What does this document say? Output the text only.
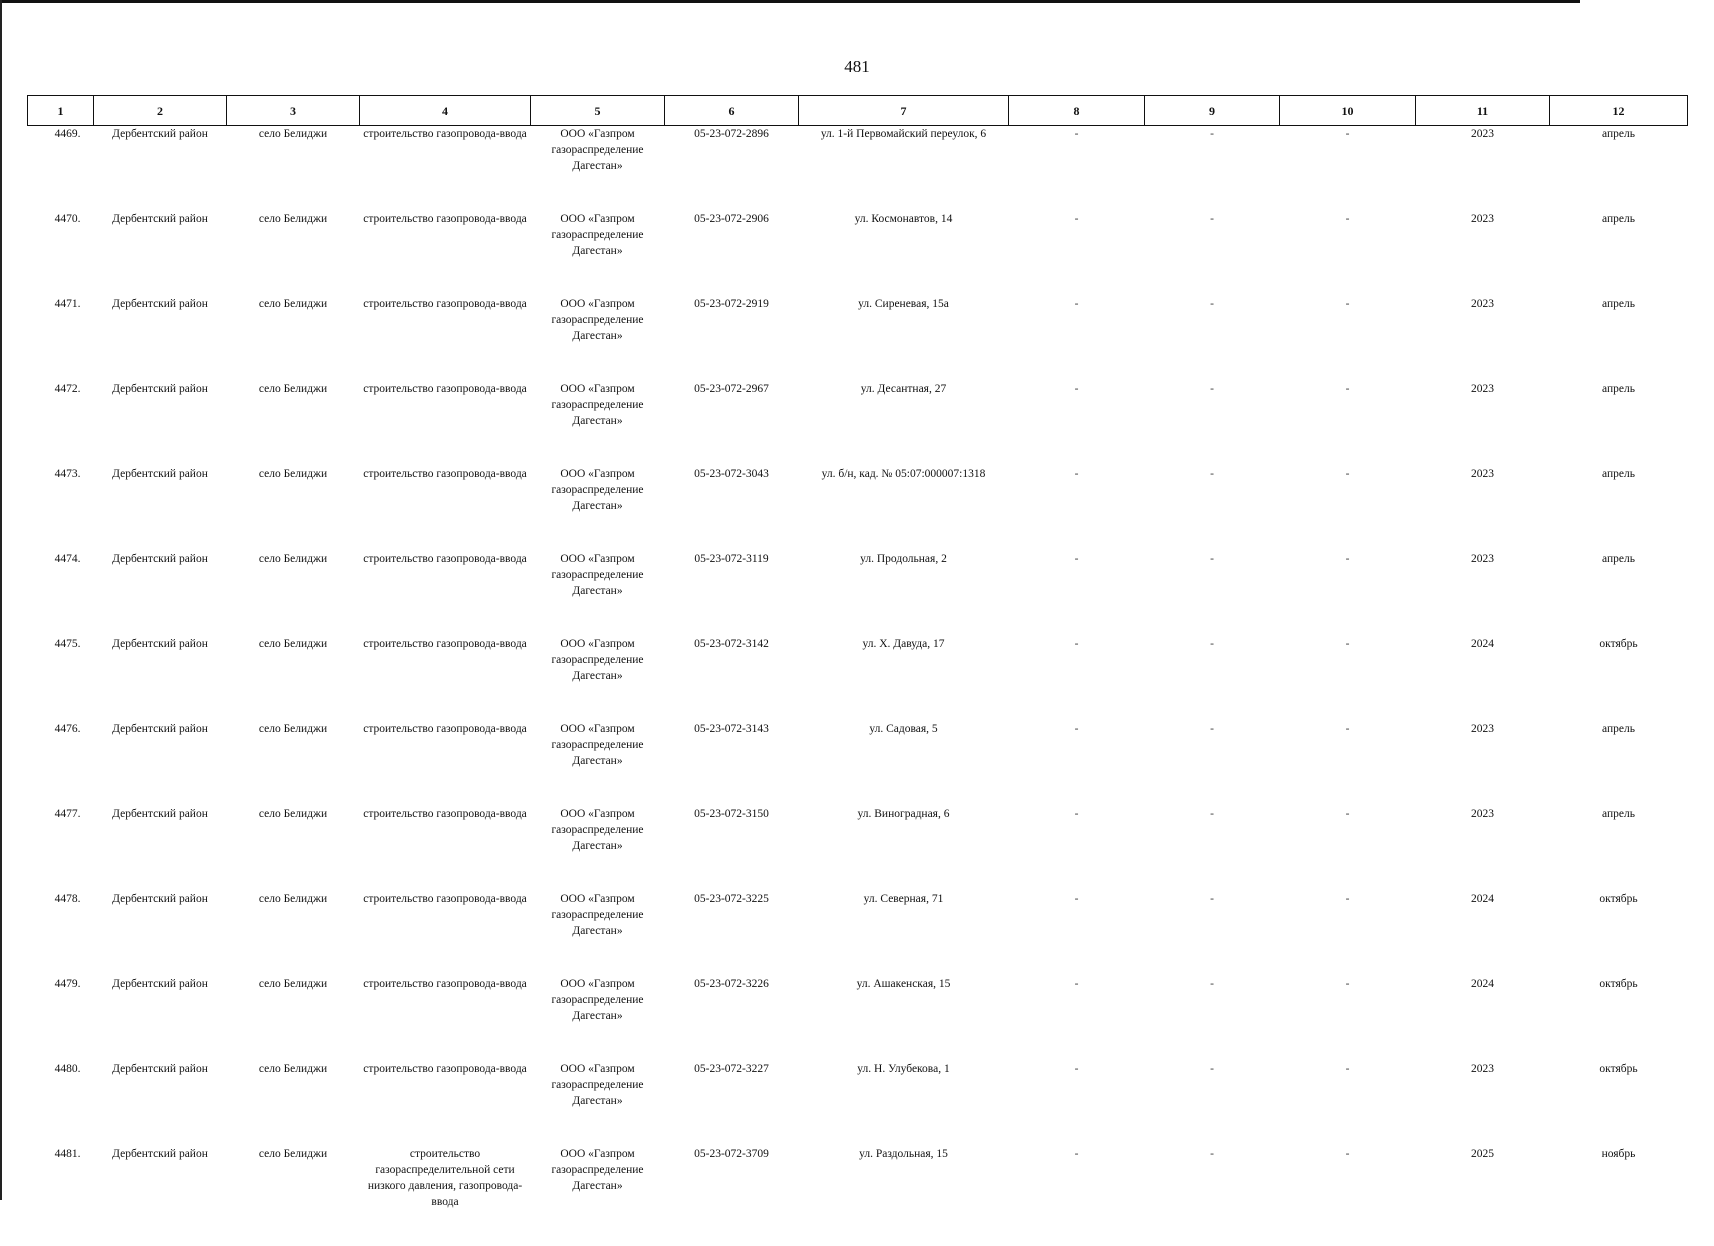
481
1	2	3	4	5	6	7	8	9	10	11	12
4469.	Дербентский район	село Белиджи	строительство газопровода-ввода	ООО «Газпром газораспределение Дагестан»	05-23-072-2896	ул. 1-й Первомайский переулок, 6	-	-	-	2023	апрель
4470.	Дербентский район	село Белиджи	строительство газопровода-ввода	ООО «Газпром газораспределение Дагестан»	05-23-072-2906	ул. Космонавтов, 14	-	-	-	2023	апрель
4471.	Дербентский район	село Белиджи	строительство газопровода-ввода	ООО «Газпром газораспределение Дагестан»	05-23-072-2919	ул. Сиреневая, 15а	-	-	-	2023	апрель
4472.	Дербентский район	село Белиджи	строительство газопровода-ввода	ООО «Газпром газораспределение Дагестан»	05-23-072-2967	ул. Десантная, 27	-	-	-	2023	апрель
4473.	Дербентский район	село Белиджи	строительство газопровода-ввода	ООО «Газпром газораспределение Дагестан»	05-23-072-3043	ул. б/н, кад. № 05:07:000007:1318	-	-	-	2023	апрель
4474.	Дербентский район	село Белиджи	строительство газопровода-ввода	ООО «Газпром газораспределение Дагестан»	05-23-072-3119	ул. Продольная, 2	-	-	-	2023	апрель
4475.	Дербентский район	село Белиджи	строительство газопровода-ввода	ООО «Газпром газораспределение Дагестан»	05-23-072-3142	ул. Х. Давуда, 17	-	-	-	2024	октябрь
4476.	Дербентский район	село Белиджи	строительство газопровода-ввода	ООО «Газпром газораспределение Дагестан»	05-23-072-3143	ул. Садовая, 5	-	-	-	2023	апрель
4477.	Дербентский район	село Белиджи	строительство газопровода-ввода	ООО «Газпром газораспределение Дагестан»	05-23-072-3150	ул. Виноградная, 6	-	-	-	2023	апрель
4478.	Дербентский район	село Белиджи	строительство газопровода-ввода	ООО «Газпром газораспределение Дагестан»	05-23-072-3225	ул. Северная, 71	-	-	-	2024	октябрь
4479.	Дербентский район	село Белиджи	строительство газопровода-ввода	ООО «Газпром газораспределение Дагестан»	05-23-072-3226	ул. Ашакенская, 15	-	-	-	2024	октябрь
4480.	Дербентский район	село Белиджи	строительство газопровода-ввода	ООО «Газпром газораспределение Дагестан»	05-23-072-3227	ул. Н. Улубекова, 1	-	-	-	2023	октябрь
4481.	Дербентский район	село Белиджи	строительство газораспределительной сети низкого давления, газопровода-ввода	ООО «Газпром газораспределение Дагестан»	05-23-072-3709	ул. Раздольная, 15	-	-	-	2025	ноябрь
